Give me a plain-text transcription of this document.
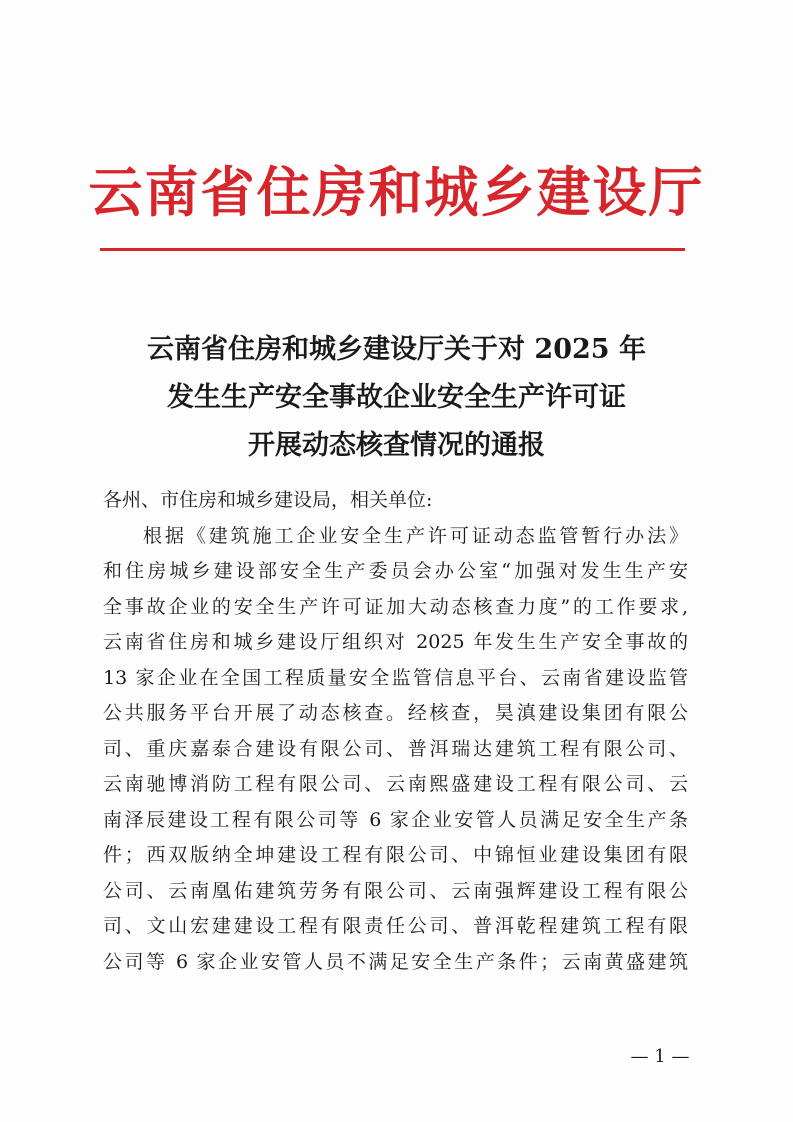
云南省住房和城乡建设厅
云南省住房和城乡建设厅关于对 2025 年
发生生产安全事故企业安全生产许可证
开展动态核查情况的通报
各州、市住房和城乡建设局，相关单位:
根据《建筑施工企业安全生产许可证动态监管暂行办法》
和住房城乡建设部安全生产委员会办公室“加强对发生生产安
全事故企业的安全生产许可证加大动态核查力度”的工作要求,
云南省住房和城乡建设厅组织对 2025 年发生生产安全事故的
13 家企业在全国工程质量安全监管信息平台、云南省建设监管
公共服务平台开展了动态核查。经核查，昊滇建设集团有限公
司、重庆嘉泰合建设有限公司、普洱瑞达建筑工程有限公司、
云南驰博消防工程有限公司、云南熙盛建设工程有限公司、云
南泽辰建设工程有限公司等 6 家企业安管人员满足安全生产条
件；西双版纳全坤建设工程有限公司、中锦恒业建设集团有限
公司、云南凰佑建筑劳务有限公司、云南强辉建设工程有限公
司、文山宏建建设工程有限责任公司、普洱乾程建筑工程有限
公司等 6 家企业安管人员不满足安全生产条件；云南黄盛建筑
— 1 —
